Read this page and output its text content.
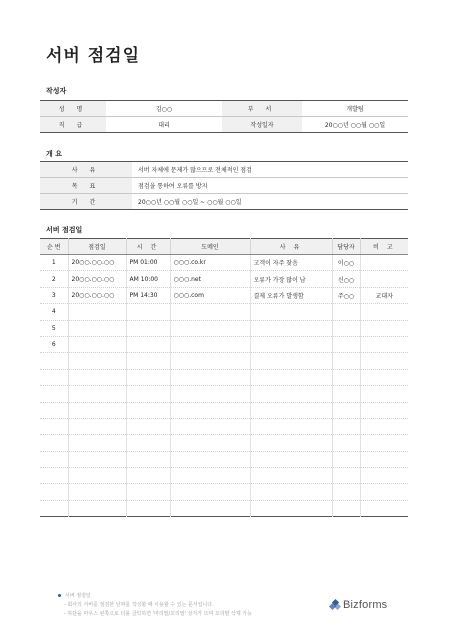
서버 점검일
작성자
성 명	김○○	부 서	개발팀
직 급	대리	작성일자	20○○년 ○○월 ○○일
개 요
사 유	서버 자체에 문제가 많으므로 전체적인 점검
목 표	점검을 통하여 오류를 방지
기 간	20○○년 ○○월 ○○일 ~ ○○월 ○○일
서버 점검일
순 번	점검일	시 간	도메인	사 유	담당자	비 고
1	20○○.○○.○○	PM 01:00	○○○.co.kr	고객이 자주 찾음	이○○	
2	20○○.○○.○○	AM 10:00	○○○.net	오류가 가장 많이 남	신○○	
3	20○○.○○.○○	PM 14:30	○○○.com	결제 오류가 발생함	주○○	교대자
4						
5						
6						

서버 점검일
- 회사의 서버를 점검한 날짜를 작성할 때 사용할 수 있는 문서입니다.
- 하단을 마우스 왼쪽으로 더블 클릭하면 '머리말/꼬리말' 상자가 뜨며 꼬리말 삭제 가능
Bizforms
